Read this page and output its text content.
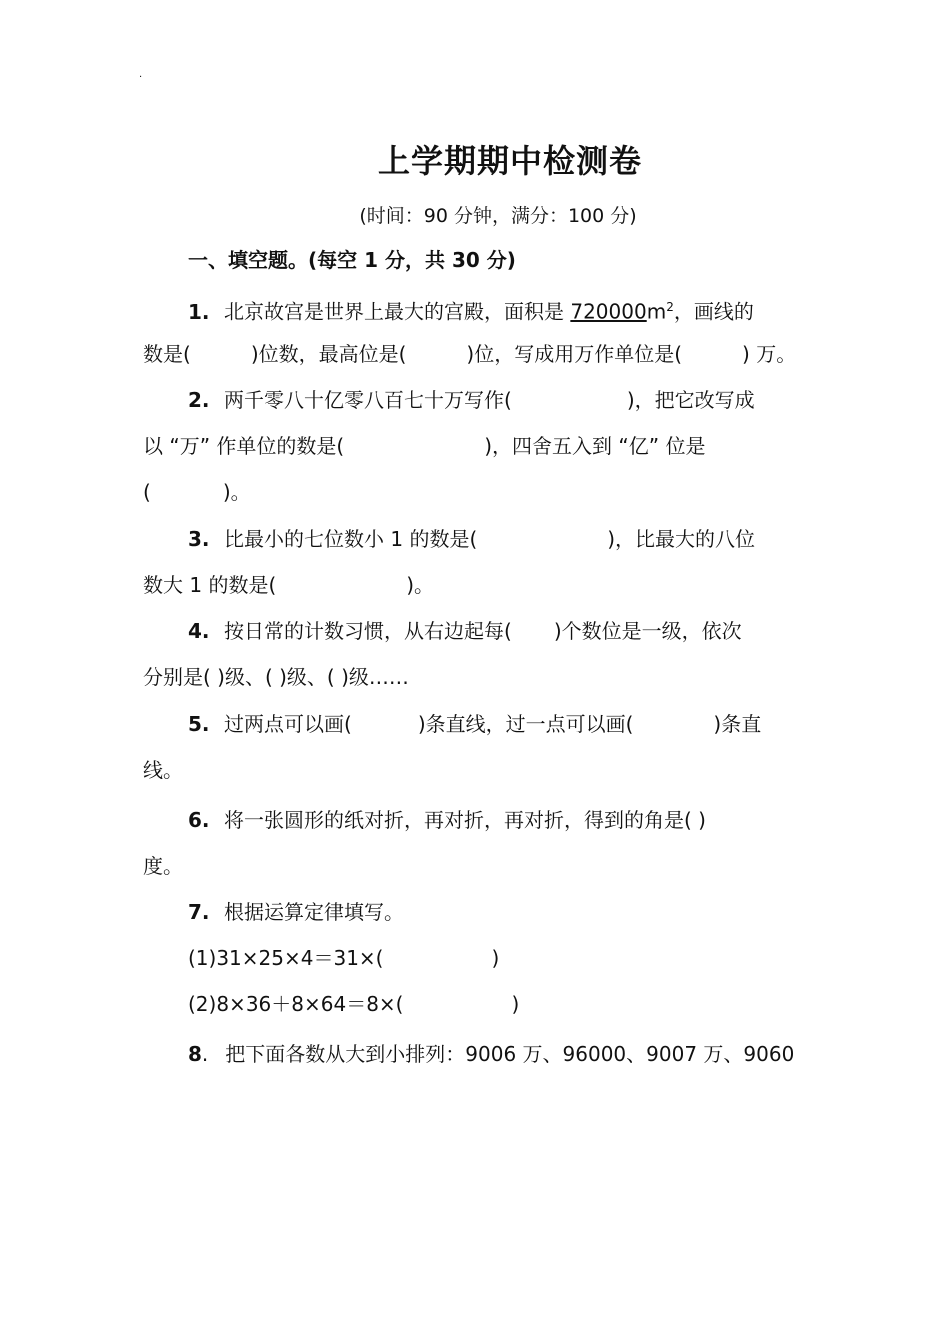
.
上学期期中检测卷
(时间：90 分钟，满分：100 分)
一、填空题。(每空 1 分，共 30 分)
1. 北京故宫是世界上最大的宫殿，面积是 $720000m^2$，画线的
数是(	)位数，最高位是(	)位，写成用万作单位是(	) 万。
2. 两千零八十亿零八百七十万写作(	)，把它改写成
以 “万” 作单位的数是(	)，四舍五入到 “亿” 位是
(	)。
3. 比最小的七位数小 1 的数是(	)，比最大的八位
数大 1 的数是(	)。
4. 按日常的计数习惯，从右边起每( )个数位是一级，依次
分别是( )级、( )级、( )级……
5. 过两点可以画(	)条直线，过一点可以画(	)条直
线。
6. 将一张圆形的纸对折，再对折，再对折，得到的角是( )
度。
7. 根据运算定律填写。
(1)31×25×4＝31×(	)
(2)8×36＋8×64＝8×(	)
8. 把下面各数从大到小排列：9006 万、96000、9007 万、9060
